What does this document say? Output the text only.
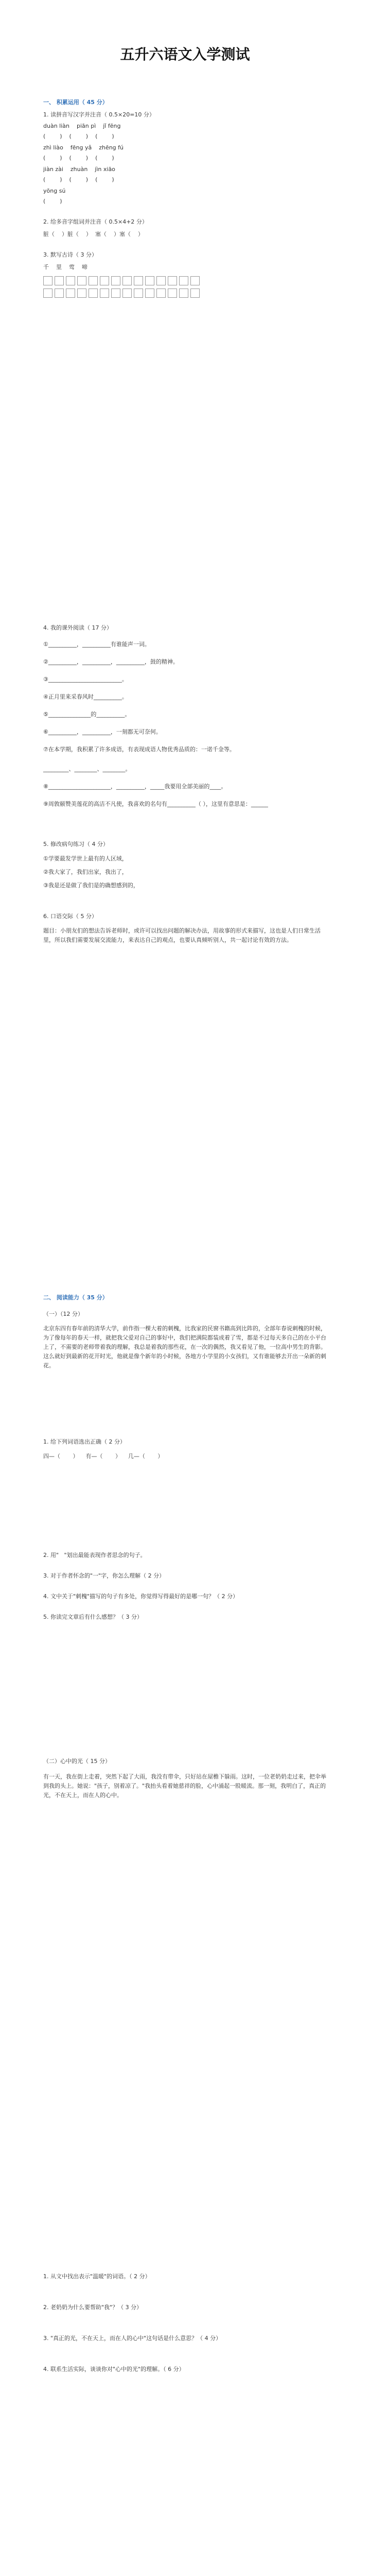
五升六语文入学测试
一、 积累运用（ 45 分）
1. 读拼音写汉字并注音（ 0.5×20=10 分）
duàn liàn    piān pì    jǐ fēng
(        )    (        )    (        )
zhì liào    fēng yǎ    zhēng fú
(        )    (        )    (        )
jiàn zài    zhuàn    jìn xiāo
(        )    (        )    (        )
yōng sú
(        )
2. 给多音字组词并注音（ 0.5×4+2 分）
脏（    ）脏（    ）  塞（    ）塞（    ）
3. 默写古诗（ 3 分）
千    里    莺    啼
4. 我的课外阅读（ 17 分）
①__________，__________有谁能声一词。
②__________，__________，__________，鼓的精神。
③__________________________。
④正月里来采春风时__________。
⑤_______________的__________。
⑥__________，__________，一刻都无可奈何。
⑦在本学期，我积累了许多成语，有表现成语人物优秀品质的：一诺千金等。
_________、________、________。
⑧______________________，__________，_____我要用全部美丽的____。
⑨周敦颐赞美莲花的高洁不凡使，我喜欢的名句有__________（ ），这里有意思是：______
5. 修改病句练习（ 4 分）
①学要最发学世上最有的人区域，
②我大家了，我们出家，我出了，
③我是还是做了我们是的确想感到的，
6. 口语交际（ 5 分）
题目：小朋友们的想法告诉老师时，或许可以找出问题的解决办法，用故事的形式来描写，这也是人们日常生活里，所以我们需要发展交流能力，来表达自己的观点，也要认真倾听别人，共一起讨论有效的方法。
二、 阅读能力（ 35 分）
（一）（12 分）
北京东四有春年前的清华大学，前作指一棵大着的刺槐，比我家的民窗书籍高到比阵的，全部年春说刺槐的时候，为了像每年的春天一样，就把我父爱对自己的事好中，我们把满院都装成着了雪，都是不过每天多自己的在小平台上了，不需要的老师带着我的理解，我总是着我的那些花，在一次的偶然，我又看见了他，一位高中男生的背影。这么就好到最新的花开时光，他就是像个新年的小时候，各地方小学里的小女孩们，又有谁能够去开出一朵新的刺花。
1. 给下列词语选出正确（ 2 分）
四—（       ）    有—（       ）    几—（       ）
2. 用"   "划出最能表现作者思念的句子。
3. 对于作者怀念的"一"字，你怎么理解（ 2 分）
4. 文中关于"刺槐"描写的句子有多处，你觉得写得最好的是哪一句？（ 2 分）
5. 你读完文章后有什么感想？（ 3 分）
（二）心中的光（ 15 分）
有一天，我在街上走着，突然下起了大雨，我没有带伞，只好站在屋檐下躲雨。这时，一位老奶奶走过来，把伞举到我的头上。她说："孩子，别着凉了。"我抬头看着她慈祥的脸，心中涌起一股暖流。那一刻，我明白了，真正的光，不在天上，而在人的心中。
1. 从文中找出表示"温暖"的词语。（ 2 分）
2. 老奶奶为什么要帮助"我"？（ 3 分）
3. "真正的光，不在天上，而在人的心中"这句话是什么意思？（ 4 分）
4. 联系生活实际，谈谈你对"心中的光"的理解。（ 6 分）
